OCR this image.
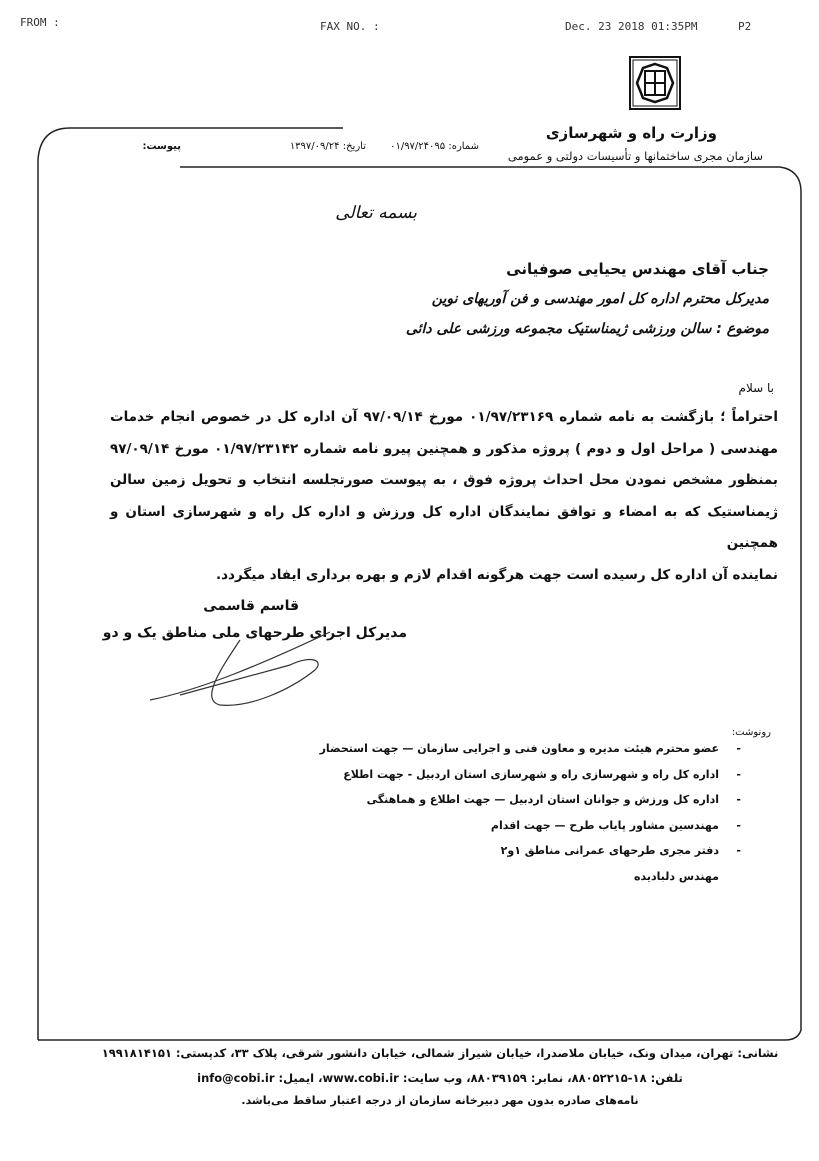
FROM :	FAX NO. :	Dec. 23 2018 01:35PM	P2
وزارت راه و شهرسازی
سازمان مجری ساختمانها و تأسیسات دولتی و عمومی
شماره: ۰۱/۹۷/۲۴۰۹۵
تاریخ: ۱۳۹۷/۰۹/۲۴
پیوست:
بسمه تعالی
جناب آقای مهندس یحیایی صوفیانی
مدیرکل محترم اداره کل امور مهندسی و فن آوریهای نوین
موضوع : سالن ورزشی ژیمناستیک مجموعه ورزشی علی دائی
با سلام
احتراماً ؛ بازگشت به نامه شماره ۰۱/۹۷/۲۳۱۶۹ مورخ ۹۷/۰۹/۱۴ آن اداره کل در خصوص انجام خدمات
مهندسی ( مراحل اول و دوم ) پروژه مذکور و همچنین پیرو نامه شماره ۰۱/۹۷/۲۳۱۴۲ مورخ ۹۷/۰۹/۱۴
بمنظور مشخص نمودن محل احداث پروژه فوق ، به پیوست صورتجلسه انتخاب و تحویل زمین سالن
ژیمناستیک که به امضاء و توافق نمایندگان اداره کل ورزش و اداره کل راه و شهرسازی استان و همچنین
نماینده آن اداره کل رسیده است جهت هرگونه اقدام لازم و بهره برداری ایفاد میگردد.
قاسم قاسمی
مدیرکل اجرای طرحهای ملی مناطق یک و دو
رونوشت:
-
عضو محترم هیئت مدیره و معاون فنی و اجرایی سازمان — جهت استحضار
-
اداره کل راه و شهرسازی راه و شهرسازی استان اردبیل - جهت اطلاع
-
اداره کل ورزش و جوانان استان اردبیل — جهت اطلاع و هماهنگی
-
مهندسین مشاور پایاب طرح — جهت اقدام
-
دفتر مجری طرحهای عمرانی مناطق ۱و۲
مهندس دلبادیده
نشانی: تهران، میدان ونک، خیابان ملاصدرا، خیابان شیراز شمالی، خیابان دانشور شرقی، پلاک ۳۳، کدپستی: ۱۹۹۱۸۱۴۱۵۱
تلفن: ۱۸-۸۸۰۵۲۲۱۵، نمابر: ۸۸۰۳۹۱۵۹، وب سایت: www.cobi.ir، ایمیل: info@cobi.ir
نامه‌های صادره بدون مهر دبیرخانه سازمان از درجه اعتبار ساقط می‌باشد.
